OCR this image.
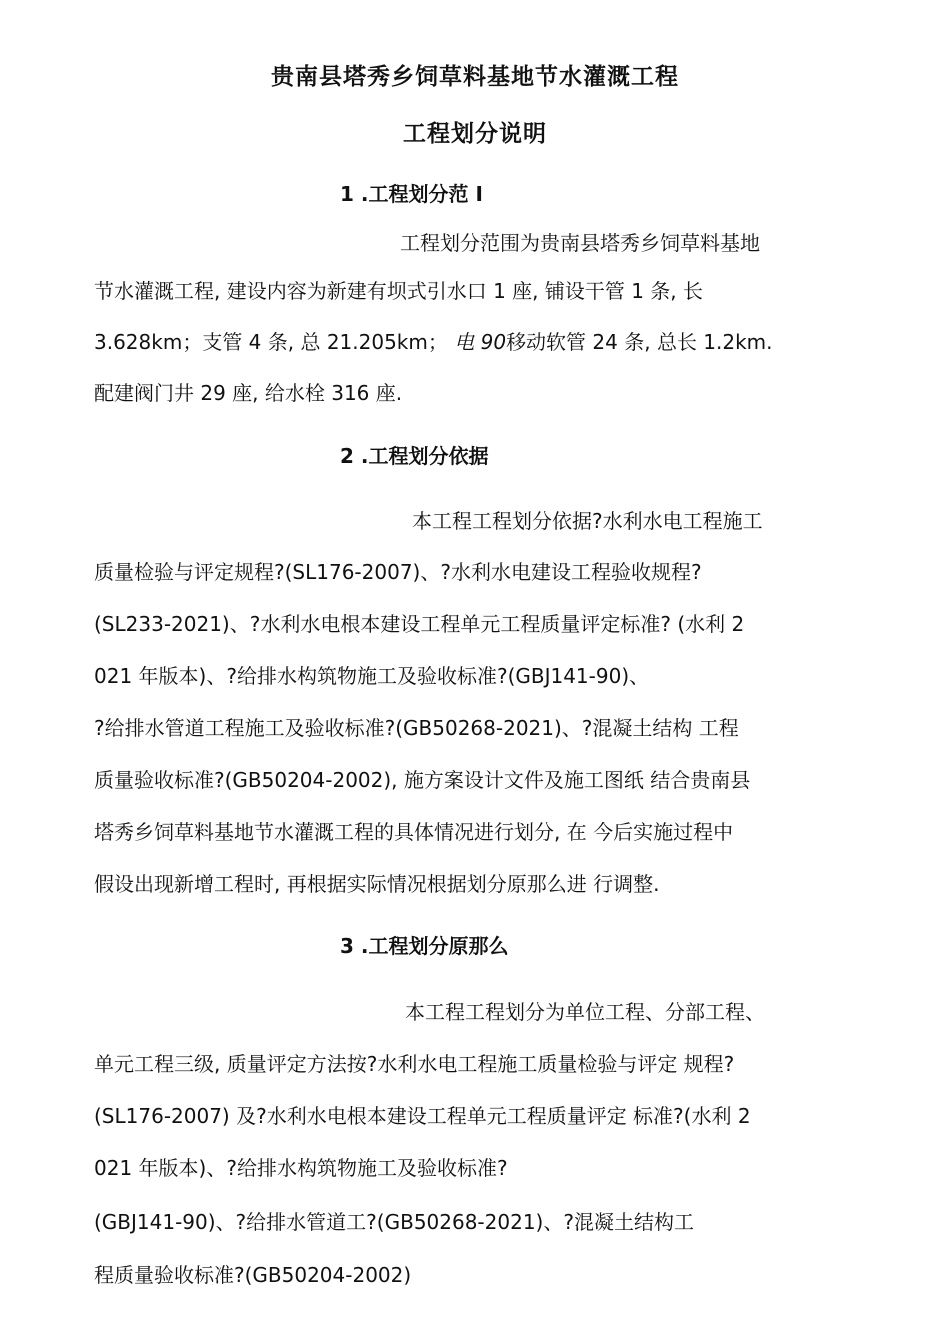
贵南县塔秀乡饲草料基地节水灌溉工程
工程划分说明
1 .工程划分范 I
工程划分范围为贵南县塔秀乡饲草料基地
节水灌溉工程, 建设内容为新建有坝式引水口 1 座, 铺设干管 1 条, 长
3.628km；支管 4 条, 总 21.205km； 电 90移动软管 24 条, 总长 1.2km.
配建阀门井 29 座, 给水栓 316 座.
2 .工程划分依据
本工程工程划分依据?水利水电工程施工
质量检验与评定规程?(SL176-2007)、?水利水电建设工程验收规程?
(SL233-2021)、?水利水电根本建设工程单元工程质量评定标准? (水利 2
021 年版本)、?给排水构筑物施工及验收标准?(GBJ141-90)、
?给排水管道工程施工及验收标准?(GB50268-2021)、?混凝土结构 工程
质量验收标准?(GB50204-2002), 施方案设计文件及施工图纸 结合贵南县
塔秀乡饲草料基地节水灌溉工程的具体情况进行划分, 在 今后实施过程中
假设出现新增工程时, 再根据实际情况根据划分原那么进 行调整.
3 .工程划分原那么
本工程工程划分为单位工程、分部工程、
单元工程三级, 质量评定方法按?水利水电工程施工质量检验与评定 规程?
(SL176-2007) 及?水利水电根本建设工程单元工程质量评定 标准?(水利 2
021 年版本)、?给排水构筑物施工及验收标准?
(GBJ141-90)、?给排水管道工?(GB50268-2021)、?混凝土结构工
程质量验收标准?(GB50204-2002)
